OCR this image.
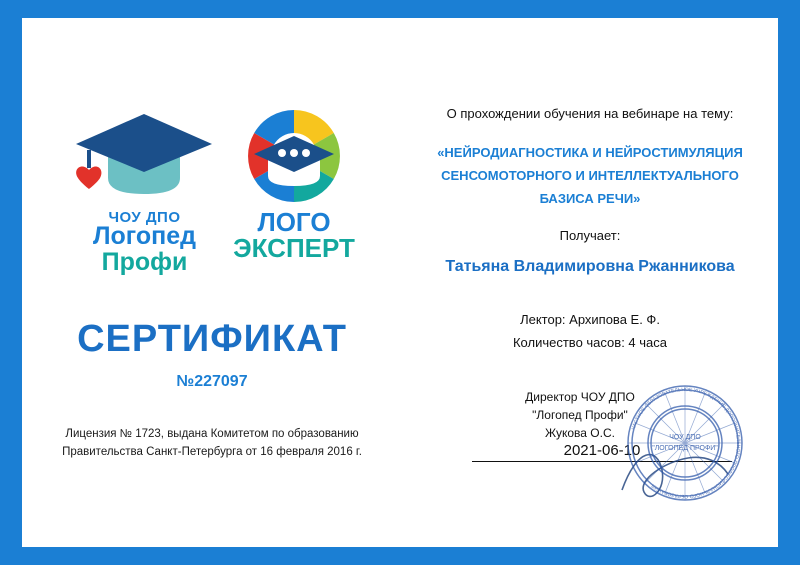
ЧОУ ДПО
Логопед
Профи
ЛОГО
ЭКСПЕРТ
СЕРТИФИКАТ
№227097
Лицензия № 1723, выдана Комитетом по образованию
Правительства Санкт-Петербурга от 16 февраля 2016 г.
О прохождении обучения на вебинаре на тему:
«НЕЙРОДИАГНОСТИКА И НЕЙРОСТИМУЛЯЦИЯ
СЕНСОМОТОРНОГО И ИНТЕЛЛЕКТУАЛЬНОГО
БАЗИСА РЕЧИ»
Получает:
Татьяна Владимировна Ржанникова
Лектор: Архипова Е. Ф.
Количество часов: 4 часа
Директор ЧОУ ДПО
"Логопед Профи"
Жукова О.С.
2021-06-10
ЧАСТНОЕ ОБРАЗОВАТЕЛЬНОЕ УЧРЕЖДЕНИЕ ДОПОЛНИТЕЛЬНОГО ПРОФЕССИОНАЛЬНОГО ОБРАЗОВАНИЯ
ЧОУ ДПО
"ЛОГОПЕД ПРОФИ"
